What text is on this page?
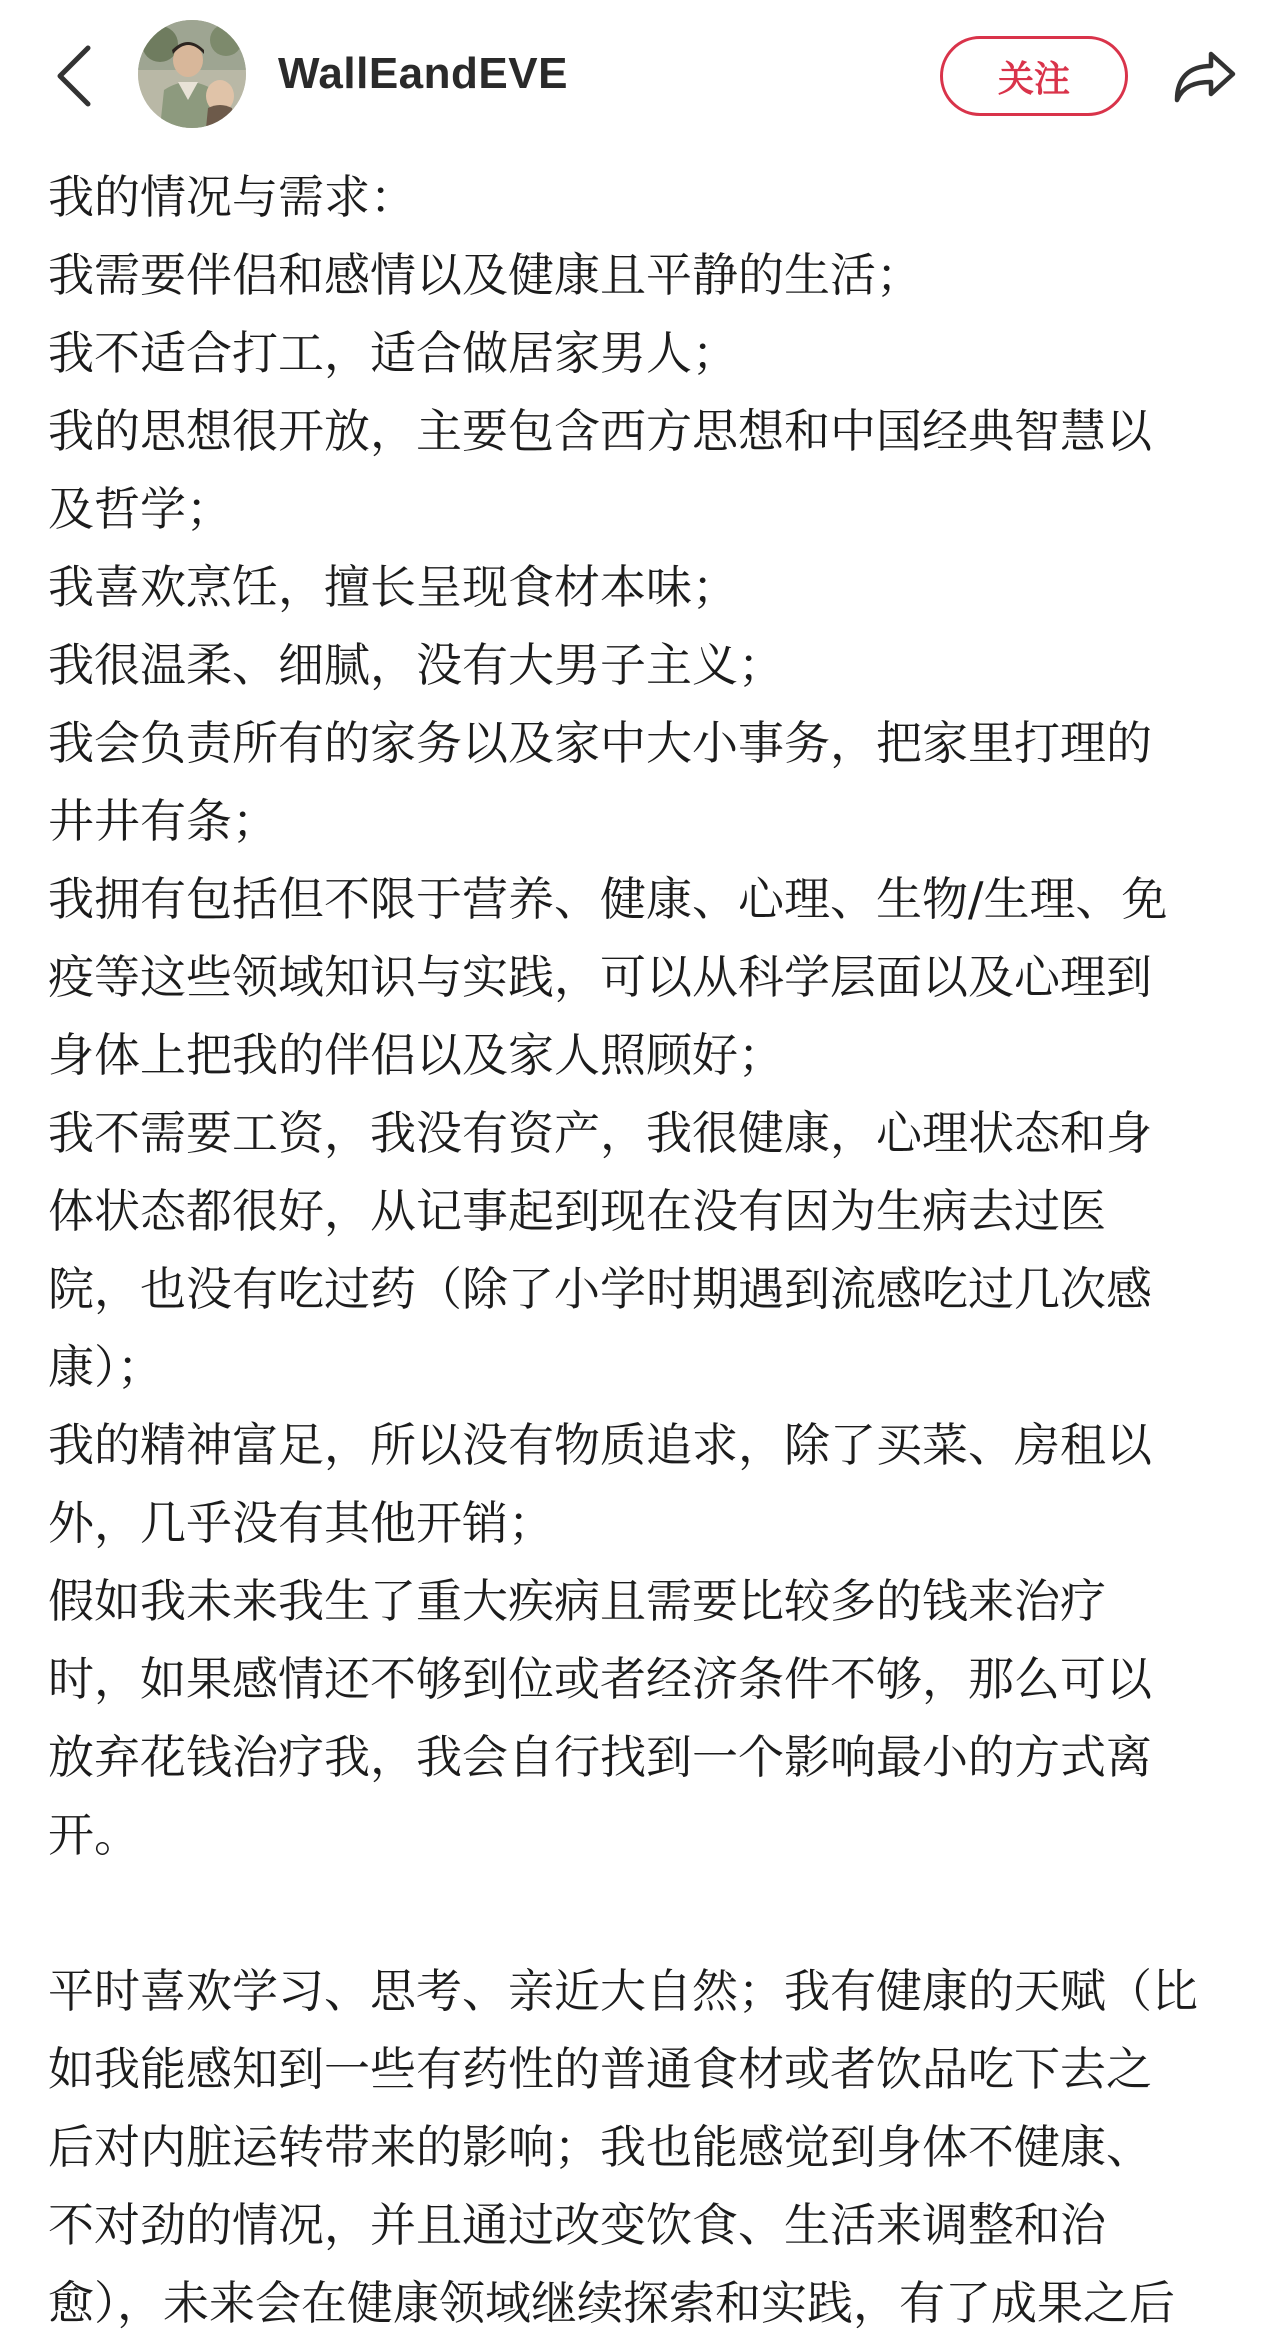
WallEandEVE	关注
我的情况与需求：
我需要伴侣和感情以及健康且平静的生活；
我不适合打工，适合做居家男人；
我的思想很开放，主要包含西方思想和中国经典智慧以
及哲学；
我喜欢烹饪，擅长呈现食材本味；
我很温柔、细腻，没有大男子主义；
我会负责所有的家务以及家中大小事务，把家里打理的
井井有条；
我拥有包括但不限于营养、健康、心理、生物/生理、免
疫等这些领域知识与实践，可以从科学层面以及心理到
身体上把我的伴侣以及家人照顾好；
我不需要工资，我没有资产，我很健康，心理状态和身
体状态都很好，从记事起到现在没有因为生病去过医
院，也没有吃过药（除了小学时期遇到流感吃过几次感
康）；
我的精神富足，所以没有物质追求，除了买菜、房租以
外，几乎没有其他开销；
假如我未来我生了重大疾病且需要比较多的钱来治疗
时，如果感情还不够到位或者经济条件不够，那么可以
放弃花钱治疗我，我会自行找到一个影响最小的方式离
开。
平时喜欢学习、思考、亲近大自然；我有健康的天赋（比
如我能感知到一些有药性的普通食材或者饮品吃下去之
后对内脏运转带来的影响；我也能感觉到身体不健康、
不对劲的情况，并且通过改变饮食、生活来调整和治
愈），未来会在健康领域继续探索和实践，有了成果之后
